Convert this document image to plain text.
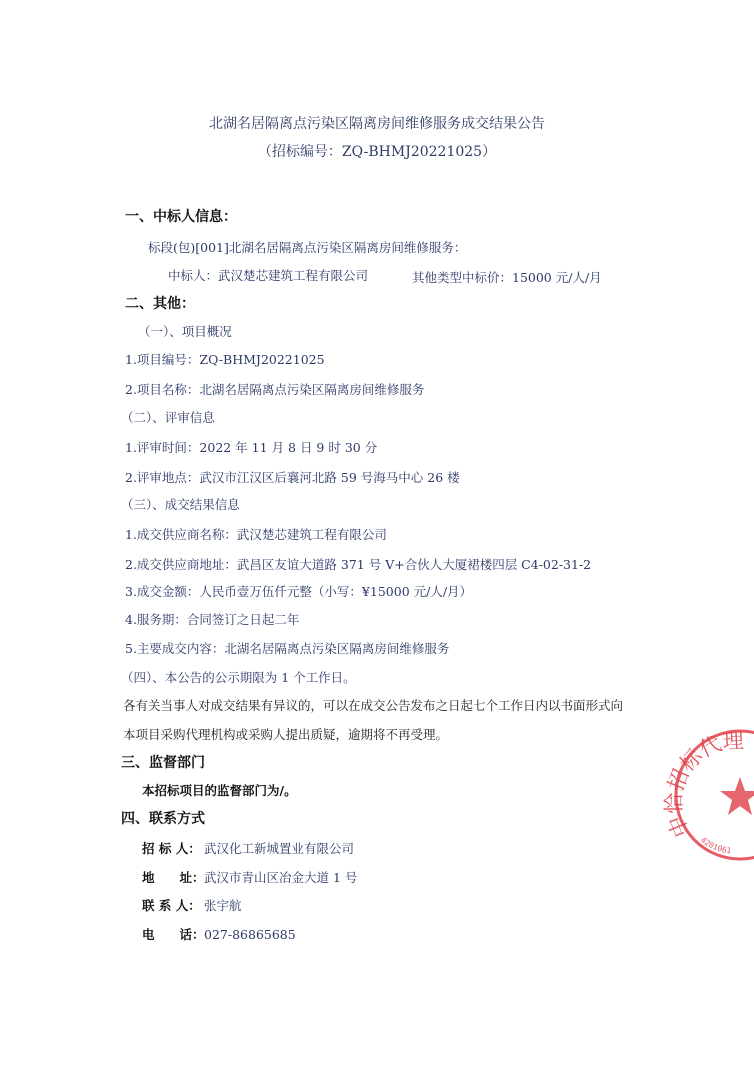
北湖名居隔离点污染区隔离房间维修服务成交结果公告
（招标编号：ZQ-BHMJ20221025）
一、中标人信息：
标段(包)[001]北湖名居隔离点污染区隔离房间维修服务：
中标人：武汉楚芯建筑工程有限公司	其他类型中标价：15000 元/人/月
二、其他：
（一）、项目概况
1.项目编号：ZQ-BHMJ20221025
2.项目名称：北湖名居隔离点污染区隔离房间维修服务
（二）、评审信息
1.评审时间：2022 年 11 月 8 日 9 时 30 分
2.评审地点：武汉市江汉区后襄河北路 59 号海马中心 26 楼
（三）、成交结果信息
1.成交供应商名称：武汉楚芯建筑工程有限公司
2.成交供应商地址：武昌区友谊大道路 371 号 V+合伙人大厦裙楼四层 C4-02-31-2
3.成交金额：人民币壹万伍仟元整（小写：¥15000 元/人/月）
4.服务期：合同签订之日起二年
5.主要成交内容：北湖名居隔离点污染区隔离房间维修服务
（四）、本公告的公示期限为 1 个工作日。
各有关当事人对成交结果有异议的，可以在成交公告发布之日起七个工作日内以书面形式向
本项目采购代理机构或采购人提出质疑，逾期将不再受理。
三、监督部门
本招标项目的监督部门为/。
四、联系方式
招 标 人： 武汉化工新城置业有限公司
地　　址： 武汉市青山区冶金大道 1 号
联 系 人： 张宇航
电　　话： 027-86865685
中恰招标代理
4201061
